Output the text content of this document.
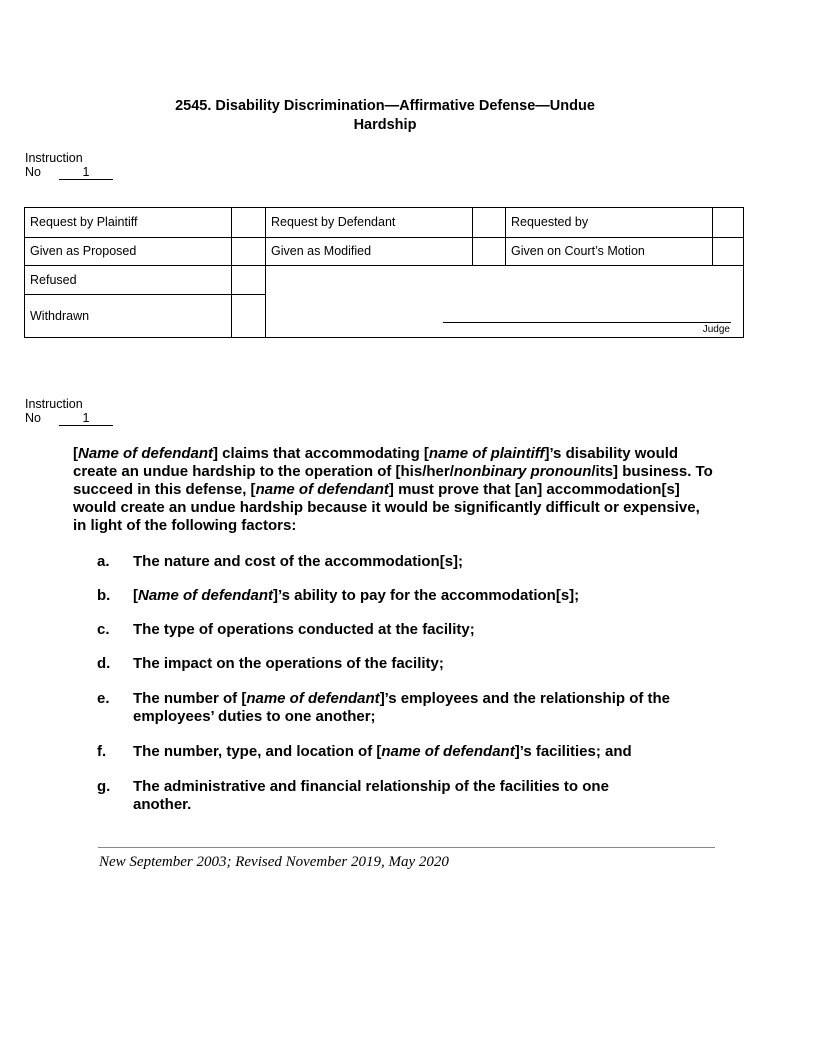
2545. Disability Discrimination—Affirmative Defense—Undue
Hardship
Instruction
No	1
Request by Plaintiff	Request by Defendant	Requested by
Given as Proposed	Given as Modified	Given on Court’s Motion
Refused
Withdrawn
Judge
Instruction
No	1
[Name of defendant] claims that accommodating [name of plaintiff]’s disability would create an undue hardship to the operation of [his/her/nonbinary pronoun/its] business. To succeed in this defense, [name of defendant] must prove that [an] accommodation[s] would create an undue hardship because it would be significantly difficult or expensive, in light of the following factors:
a. The nature and cost of the accommodation[s];
b. [Name of defendant]’s ability to pay for the accommodation[s];
c. The type of operations conducted at the facility;
d. The impact on the operations of the facility;
e. The number of [name of defendant]’s employees and the relationship of the employees’ duties to one another;
f. The number, type, and location of [name of defendant]’s facilities; and
g. The administrative and financial relationship of the facilities to one another.
New September 2003; Revised November 2019, May 2020
